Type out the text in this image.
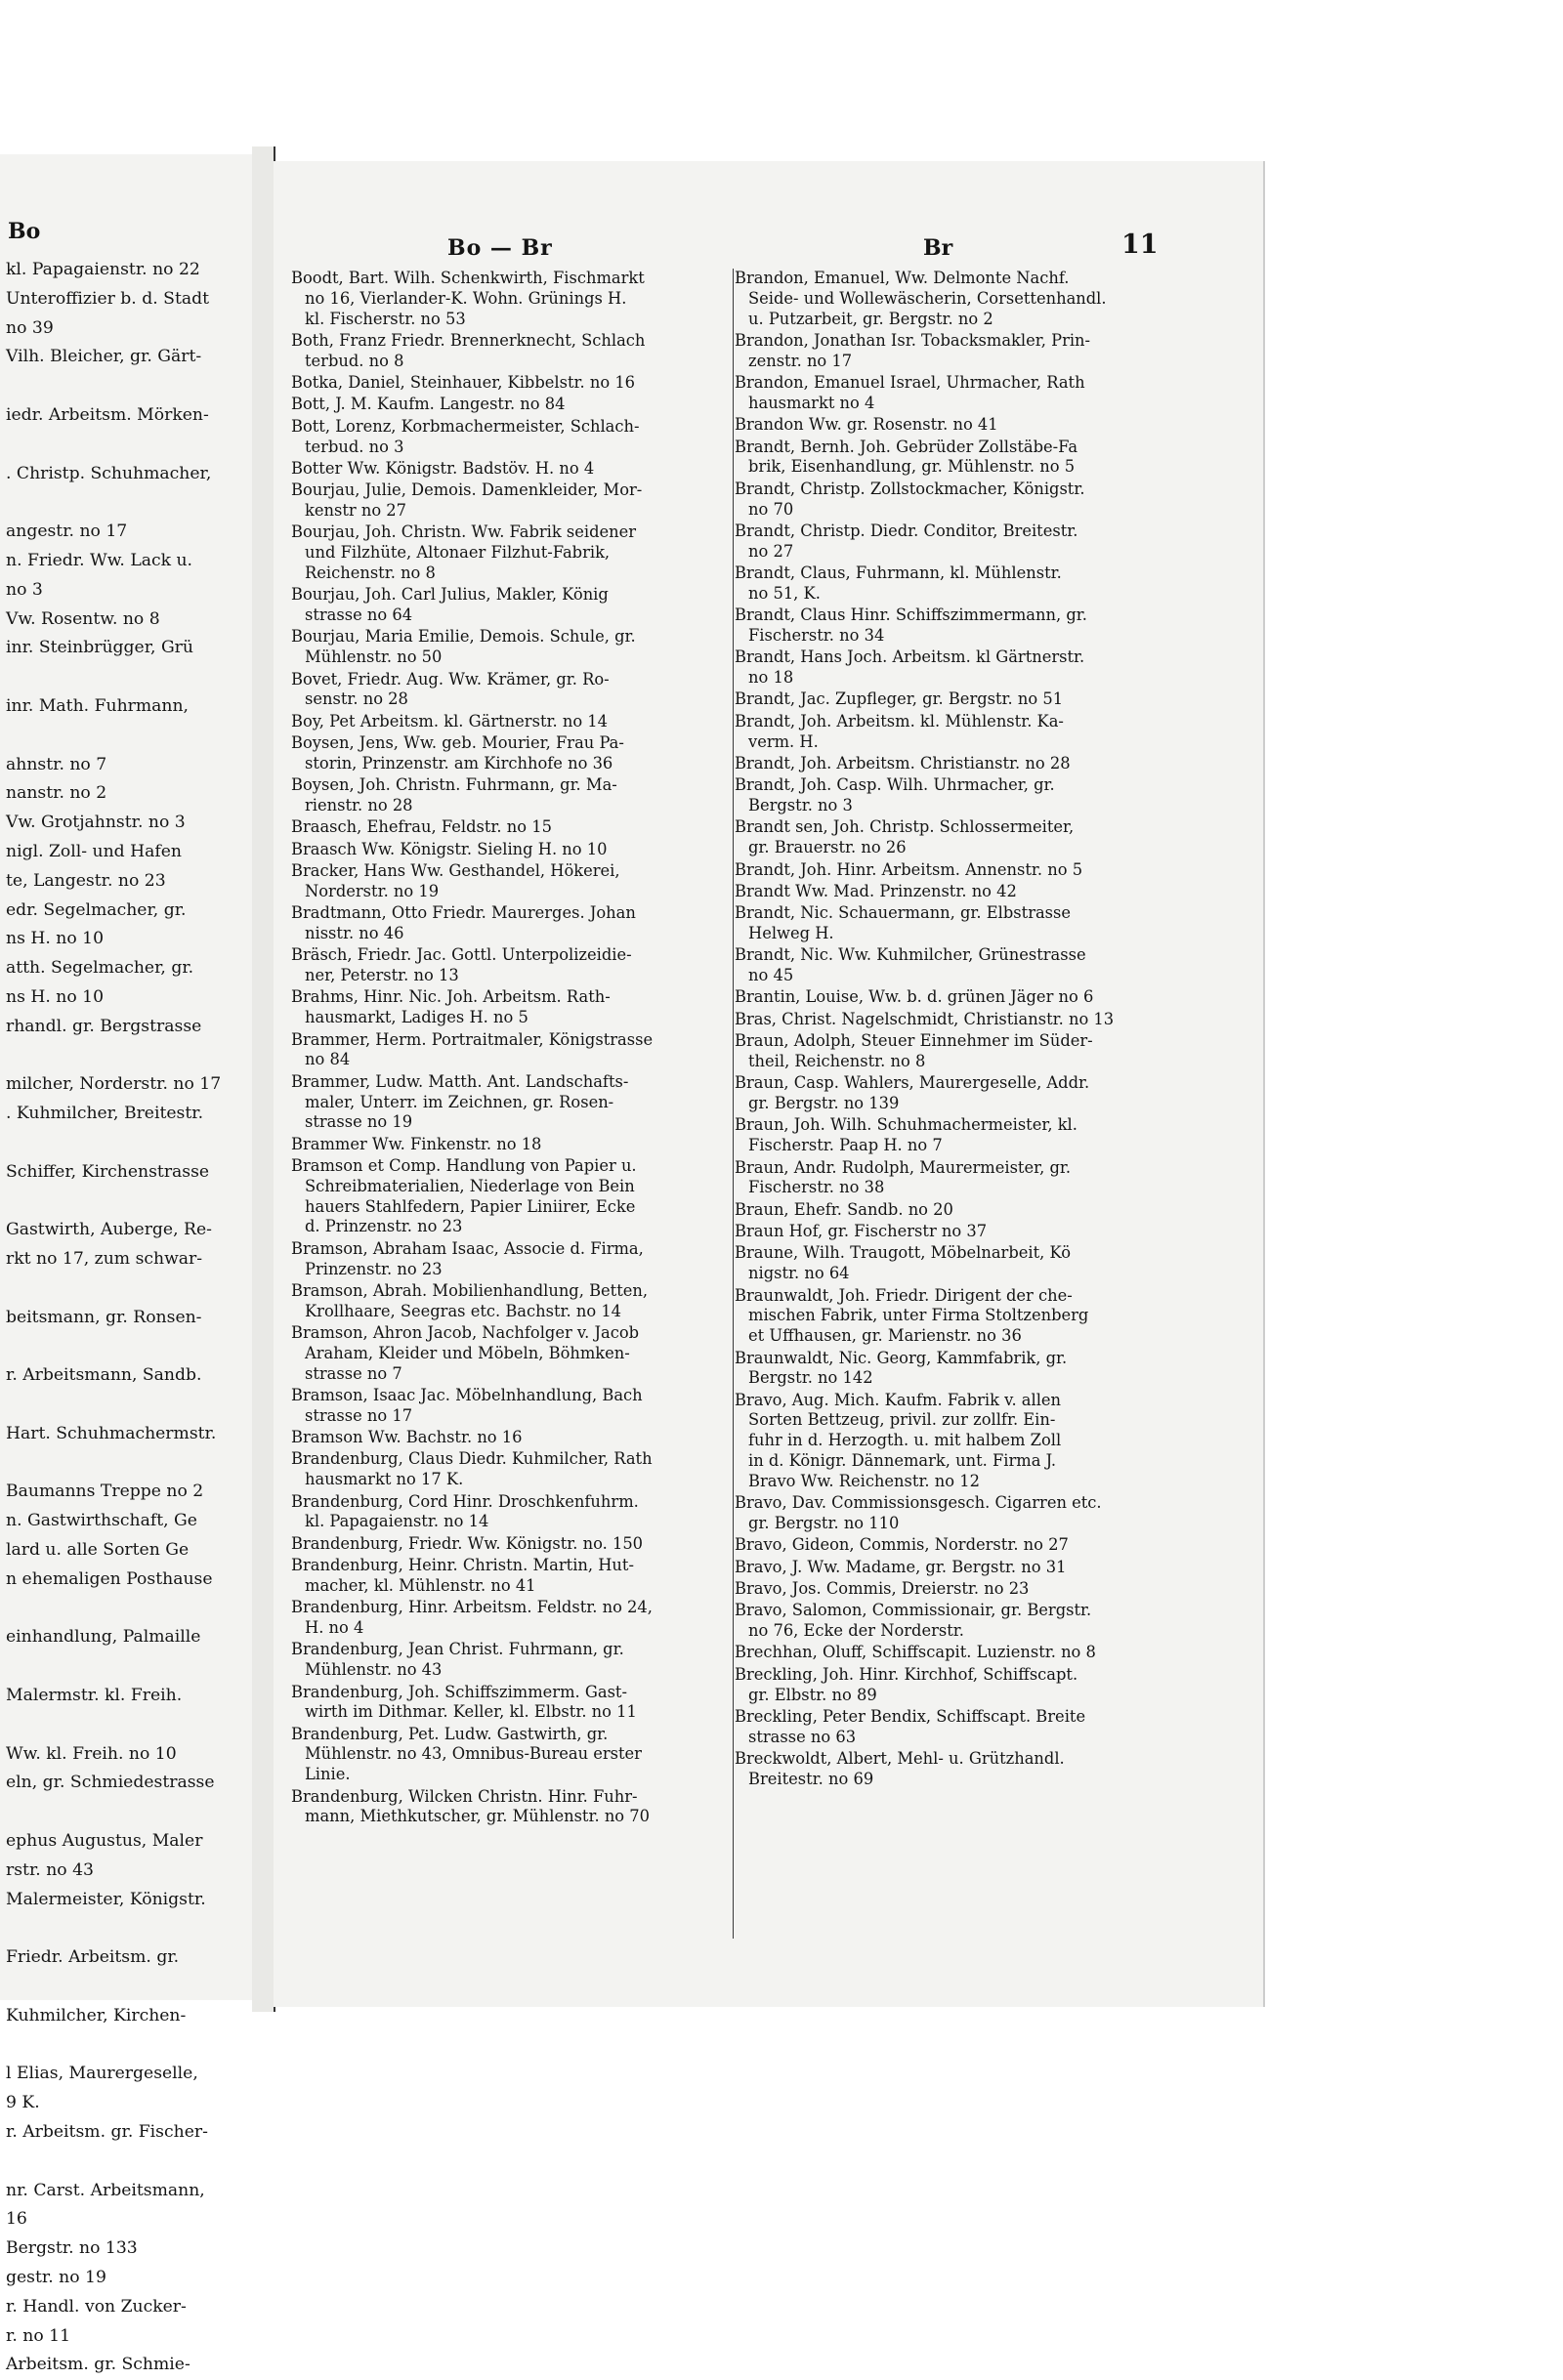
Bo
kl. Papagaienstr. no 22
Unteroffizier b. d. Stadt
no 39
Vilh. Bleicher, gr. Gärt-
iedr. Arbeitsm. Mörken-
. Christp. Schuhmacher,
angestr. no 17
n. Friedr. Ww. Lack u.
no 3
Vw. Rosentw. no 8
inr. Steinbrügger, Grü
inr. Math. Fuhrmann,
ahnstr. no 7
nanstr. no 2
Vw. Grotjahnstr. no 3
nigl. Zoll- und Hafen
te, Langestr. no 23
edr. Segelmacher, gr.
ns H. no 10
atth. Segelmacher, gr.
ns H. no 10
rhandl. gr. Bergstrasse
milcher, Norderstr. no 17
. Kuhmilcher, Breitestr.
Schiffer, Kirchenstrasse
Gastwirth, Auberge, Re-
rkt no 17, zum schwar-
beitsmann, gr. Ronsen-
r. Arbeitsmann, Sandb.
Hart. Schuhmachermstr.
Baumanns Treppe no 2
n. Gastwirthschaft, Ge
lard u. alle Sorten Ge
n ehemaligen Posthause
einhandlung, Palmaille
Malermstr. kl. Freih.
Ww. kl. Freih. no 10
eln, gr. Schmiedestrasse
ephus Augustus, Maler
rstr. no 43
Malermeister, Königstr.
Friedr. Arbeitsm. gr.
Kuhmilcher, Kirchen-
l Elias, Maurergeselle,
9 K.
r. Arbeitsm. gr. Fischer-
nr. Carst. Arbeitsmann,
16
Bergstr. no 133
gestr. no 19
r. Handl. von Zucker-
r. no 11
Arbeitsm. gr. Schmie-
Bo — Br	Br	11
Boodt, Bart. Wilh. Schenkwirth, Fischmarkt
no 16, Vierlander-K. Wohn. Grünings H.
kl. Fischerstr. no 53
Both, Franz Friedr. Brennerknecht, Schlach
terbud. no 8
Botka, Daniel, Steinhauer, Kibbelstr. no 16
Bott, J. M. Kaufm. Langestr. no 84
Bott, Lorenz, Korbmachermeister, Schlach-
terbud. no 3
Botter Ww. Königstr. Badstöv. H. no 4
Bourjau, Julie, Demois. Damenkleider, Mor-
kenstr no 27
Bourjau, Joh. Christn. Ww. Fabrik seidener
und Filzhüte, Altonaer Filzhut-Fabrik,
Reichenstr. no 8
Bourjau, Joh. Carl Julius, Makler, König
strasse no 64
Bourjau, Maria Emilie, Demois. Schule, gr.
Mühlenstr. no 50
Bovet, Friedr. Aug. Ww. Krämer, gr. Ro-
senstr. no 28
Boy, Pet Arbeitsm. kl. Gärtnerstr. no 14
Boysen, Jens, Ww. geb. Mourier, Frau Pa-
storin, Prinzenstr. am Kirchhofe no 36
Boysen, Joh. Christn. Fuhrmann, gr. Ma-
rienstr. no 28
Braasch, Ehefrau, Feldstr. no 15
Braasch Ww. Königstr. Sieling H. no 10
Bracker, Hans Ww. Gesthandel, Hökerei,
Norderstr. no 19
Bradtmann, Otto Friedr. Maurerges. Johan
nisstr. no 46
Bräsch, Friedr. Jac. Gottl. Unterpolizeidie-
ner, Peterstr. no 13
Brahms, Hinr. Nic. Joh. Arbeitsm. Rath-
hausmarkt, Ladiges H. no 5
Brammer, Herm. Portraitmaler, Königstrasse
no 84
Brammer, Ludw. Matth. Ant. Landschafts-
maler, Unterr. im Zeichnen, gr. Rosen-
strasse no 19
Brammer Ww. Finkenstr. no 18
Bramson et Comp. Handlung von Papier u.
Schreibmaterialien, Niederlage von Bein
hauers Stahlfedern, Papier Liniirer, Ecke
d. Prinzenstr. no 23
Bramson, Abraham Isaac, Associe d. Firma,
Prinzenstr. no 23
Bramson, Abrah. Mobilienhandlung, Betten,
Krollhaare, Seegras etc. Bachstr. no 14
Bramson, Ahron Jacob, Nachfolger v. Jacob
Araham, Kleider und Möbeln, Böhmken-
strasse no 7
Bramson, Isaac Jac. Möbelnhandlung, Bach
strasse no 17
Bramson Ww. Bachstr. no 16
Brandenburg, Claus Diedr. Kuhmilcher, Rath
hausmarkt no 17 K.
Brandenburg, Cord Hinr. Droschkenfuhrm.
kl. Papagaienstr. no 14
Brandenburg, Friedr. Ww. Königstr. no. 150
Brandenburg, Heinr. Christn. Martin, Hut-
macher, kl. Mühlenstr. no 41
Brandenburg, Hinr. Arbeitsm. Feldstr. no 24,
H. no 4
Brandenburg, Jean Christ. Fuhrmann, gr.
Mühlenstr. no 43
Brandenburg, Joh. Schiffszimmerm. Gast-
wirth im Dithmar. Keller, kl. Elbstr. no 11
Brandenburg, Pet. Ludw. Gastwirth, gr.
Mühlenstr. no 43, Omnibus-Bureau erster
Linie.
Brandenburg, Wilcken Christn. Hinr. Fuhr-
mann, Miethkutscher, gr. Mühlenstr. no 70
Brandon, Emanuel, Ww. Delmonte Nachf.
Seide- und Wollewäscherin, Corsettenhandl.
u. Putzarbeit, gr. Bergstr. no 2
Brandon, Jonathan Isr. Tobacksmakler, Prin-
zenstr. no 17
Brandon, Emanuel Israel, Uhrmacher, Rath
hausmarkt no 4
Brandon Ww. gr. Rosenstr. no 41
Brandt, Bernh. Joh. Gebrüder Zollstäbe-Fa
brik, Eisenhandlung, gr. Mühlenstr. no 5
Brandt, Christp. Zollstockmacher, Königstr.
no 70
Brandt, Christp. Diedr. Conditor, Breitestr.
no 27
Brandt, Claus, Fuhrmann, kl. Mühlenstr.
no 51, K.
Brandt, Claus Hinr. Schiffszimmermann, gr.
Fischerstr. no 34
Brandt, Hans Joch. Arbeitsm. kl Gärtnerstr.
no 18
Brandt, Jac. Zupfleger, gr. Bergstr. no 51
Brandt, Joh. Arbeitsm. kl. Mühlenstr. Ka-
verm. H.
Brandt, Joh. Arbeitsm. Christianstr. no 28
Brandt, Joh. Casp. Wilh. Uhrmacher, gr.
Bergstr. no 3
Brandt sen, Joh. Christp. Schlossermeiter,
gr. Brauerstr. no 26
Brandt, Joh. Hinr. Arbeitsm. Annenstr. no 5
Brandt Ww. Mad. Prinzenstr. no 42
Brandt, Nic. Schauermann, gr. Elbstrasse
Helweg H.
Brandt, Nic. Ww. Kuhmilcher, Grünestrasse
no 45
Brantin, Louise, Ww. b. d. grünen Jäger no 6
Bras, Christ. Nagelschmidt, Christianstr. no 13
Braun, Adolph, Steuer Einnehmer im Süder-
theil, Reichenstr. no 8
Braun, Casp. Wahlers, Maurergeselle, Addr.
gr. Bergstr. no 139
Braun, Joh. Wilh. Schuhmachermeister, kl.
Fischerstr. Paap H. no 7
Braun, Andr. Rudolph, Maurermeister, gr.
Fischerstr. no 38
Braun, Ehefr. Sandb. no 20
Braun Hof, gr. Fischerstr no 37
Braune, Wilh. Traugott, Möbelnarbeit, Kö
nigstr. no 64
Braunwaldt, Joh. Friedr. Dirigent der che-
mischen Fabrik, unter Firma Stoltzenberg
et Uffhausen, gr. Marienstr. no 36
Braunwaldt, Nic. Georg, Kammfabrik, gr.
Bergstr. no 142
Bravo, Aug. Mich. Kaufm. Fabrik v. allen
Sorten Bettzeug, privil. zur zollfr. Ein-
fuhr in d. Herzogth. u. mit halbem Zoll
in d. Königr. Dännemark, unt. Firma J.
Bravo Ww. Reichenstr. no 12
Bravo, Dav. Commissionsgesch. Cigarren etc.
gr. Bergstr. no 110
Bravo, Gideon, Commis, Norderstr. no 27
Bravo, J. Ww. Madame, gr. Bergstr. no 31
Bravo, Jos. Commis, Dreierstr. no 23
Bravo, Salomon, Commissionair, gr. Bergstr.
no 76, Ecke der Norderstr.
Brechhan, Oluff, Schiffscapit. Luzienstr. no 8
Breckling, Joh. Hinr. Kirchhof, Schiffscapt.
gr. Elbstr. no 89
Breckling, Peter Bendix, Schiffscapt. Breite
strasse no 63
Breckwoldt, Albert, Mehl- u. Grützhandl.
Breitestr. no 69
